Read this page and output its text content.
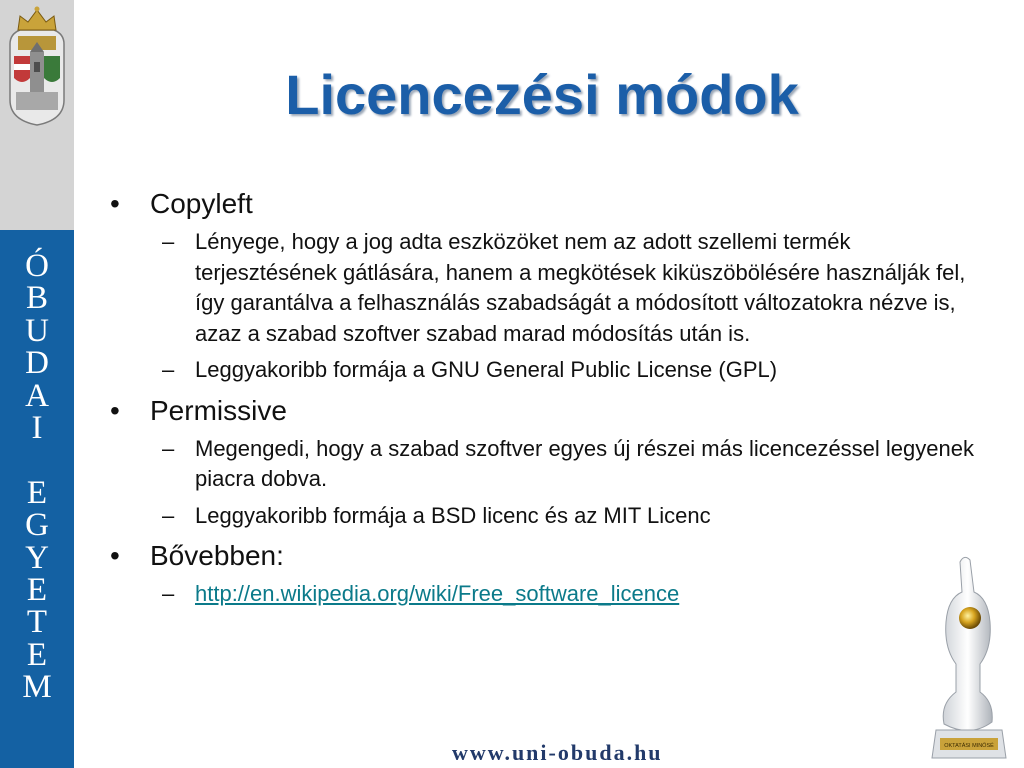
Ó
B
U
D
A
I
E
G
Y
E
T
E
M
Licencezési módok
• Copyleft
– Lényege, hogy a jog adta eszközöket nem az adott szellemi termék terjesztésének gátlására, hanem a megkötések kiküszöbölésére használják fel, így garantálva a felhasználás szabadságát a módosított változatokra nézve is, azaz a szabad szoftver szabad marad módosítás után is.
– Leggyakoribb formája a GNU General Public License (GPL)
• Permissive
– Megengedi, hogy a szabad szoftver egyes új részei más licencezéssel legyenek piacra dobva.
– Leggyakoribb formája a BSD licenc és az MIT Licenc
• Bővebben:
– http://en.wikipedia.org/wiki/Free_software_licence
OKTATÁSI MINŐSÉ
www.uni-obuda.hu
